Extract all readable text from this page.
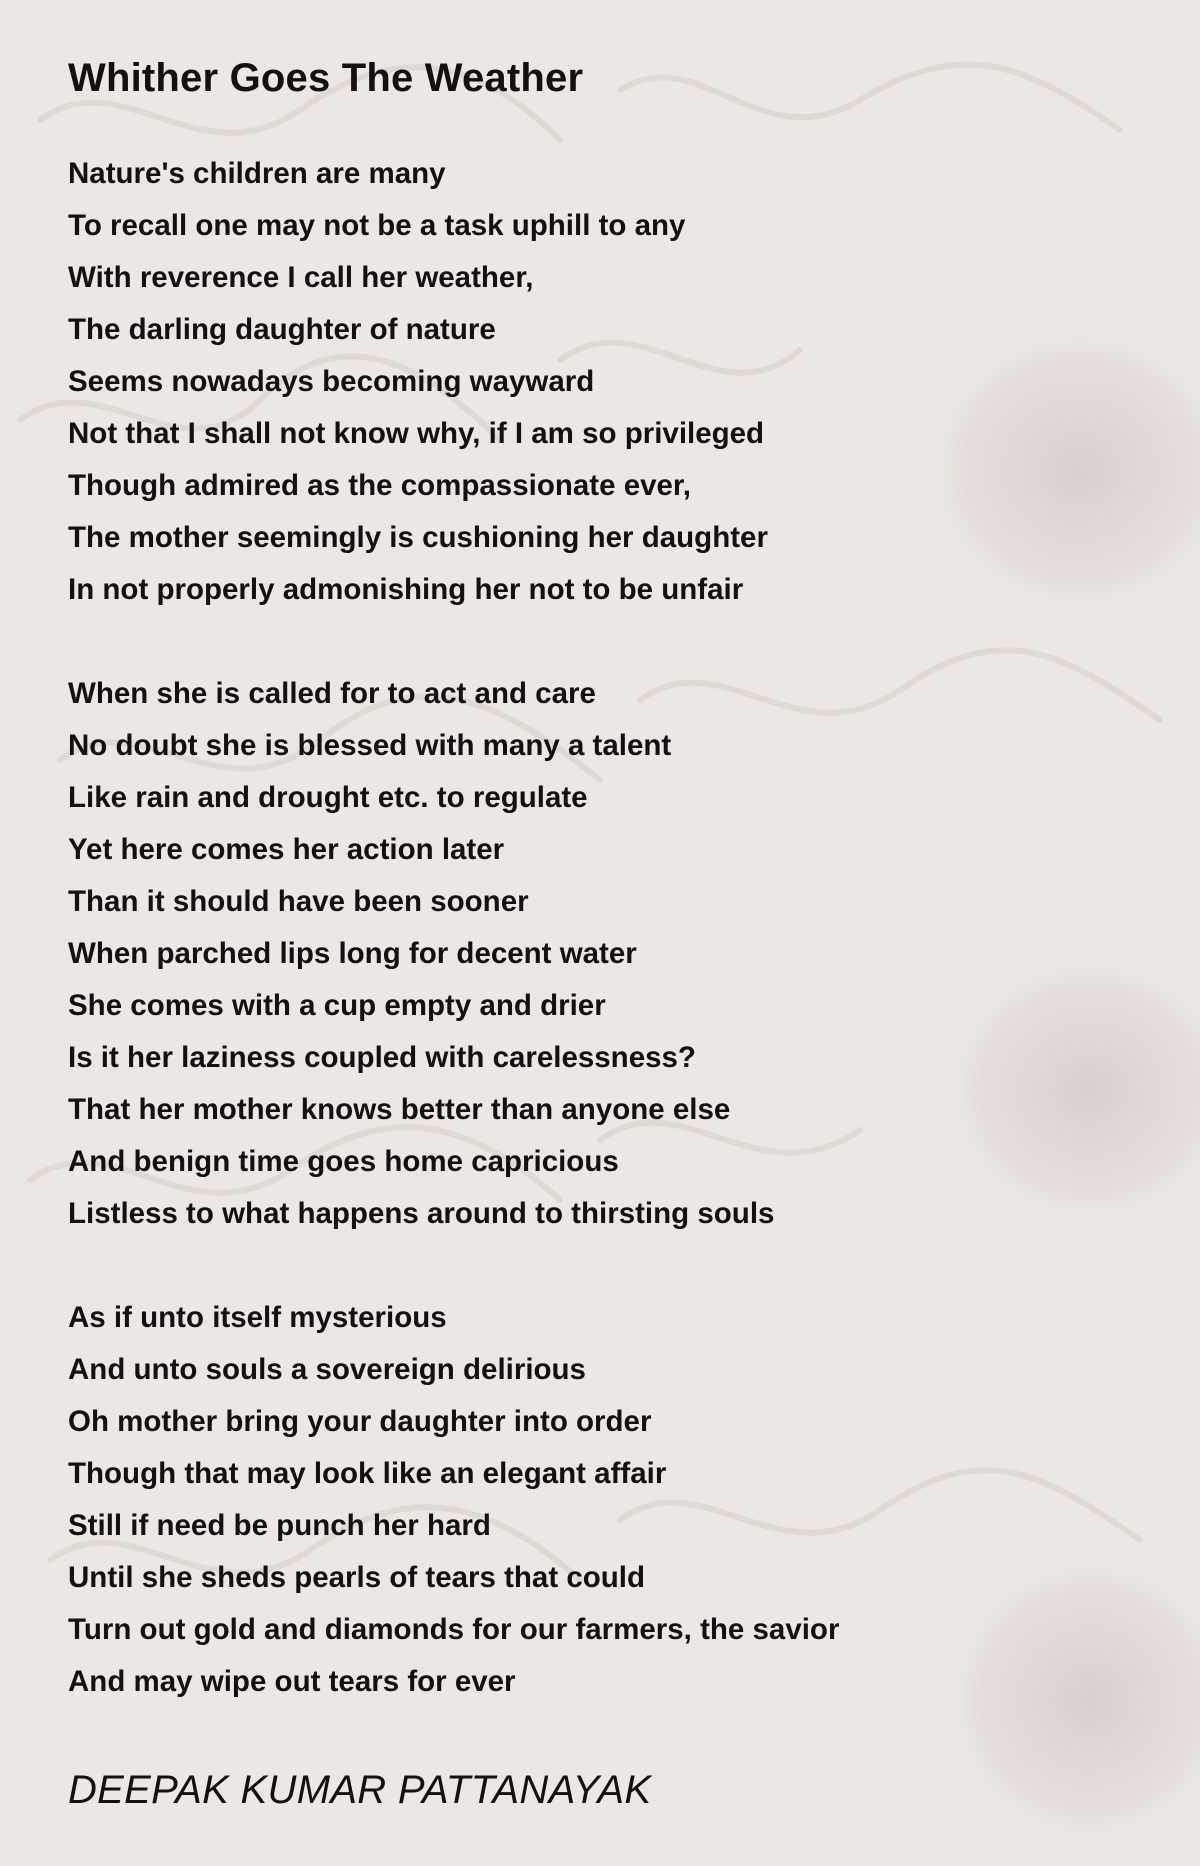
Whither Goes The Weather
Nature's children are many
To recall one may not be a task uphill to any
With reverence I call her weather,
The darling daughter of nature
Seems nowadays becoming wayward
Not that I shall not know why, if I am so privileged
Though admired as the compassionate ever,
The mother seemingly is cushioning her daughter
In not properly admonishing her not to be unfair
When she is called for to act and care
No doubt she is blessed with many a talent
Like rain and drought etc. to regulate
Yet here comes her action later
Than it should have been sooner
When parched lips long for decent water
She comes with a cup empty and drier
Is it her laziness coupled with carelessness?
That her mother knows better than anyone else
And benign time goes home capricious
Listless to what happens around to thirsting souls
As if unto itself mysterious
And unto souls a sovereign delirious
Oh mother bring your daughter into order
Though that may look like an elegant affair
Still if need be punch her hard
Until she sheds pearls of tears that could
Turn out gold and diamonds for our farmers, the savior
And may wipe out tears for ever
DEEPAK KUMAR PATTANAYAK
